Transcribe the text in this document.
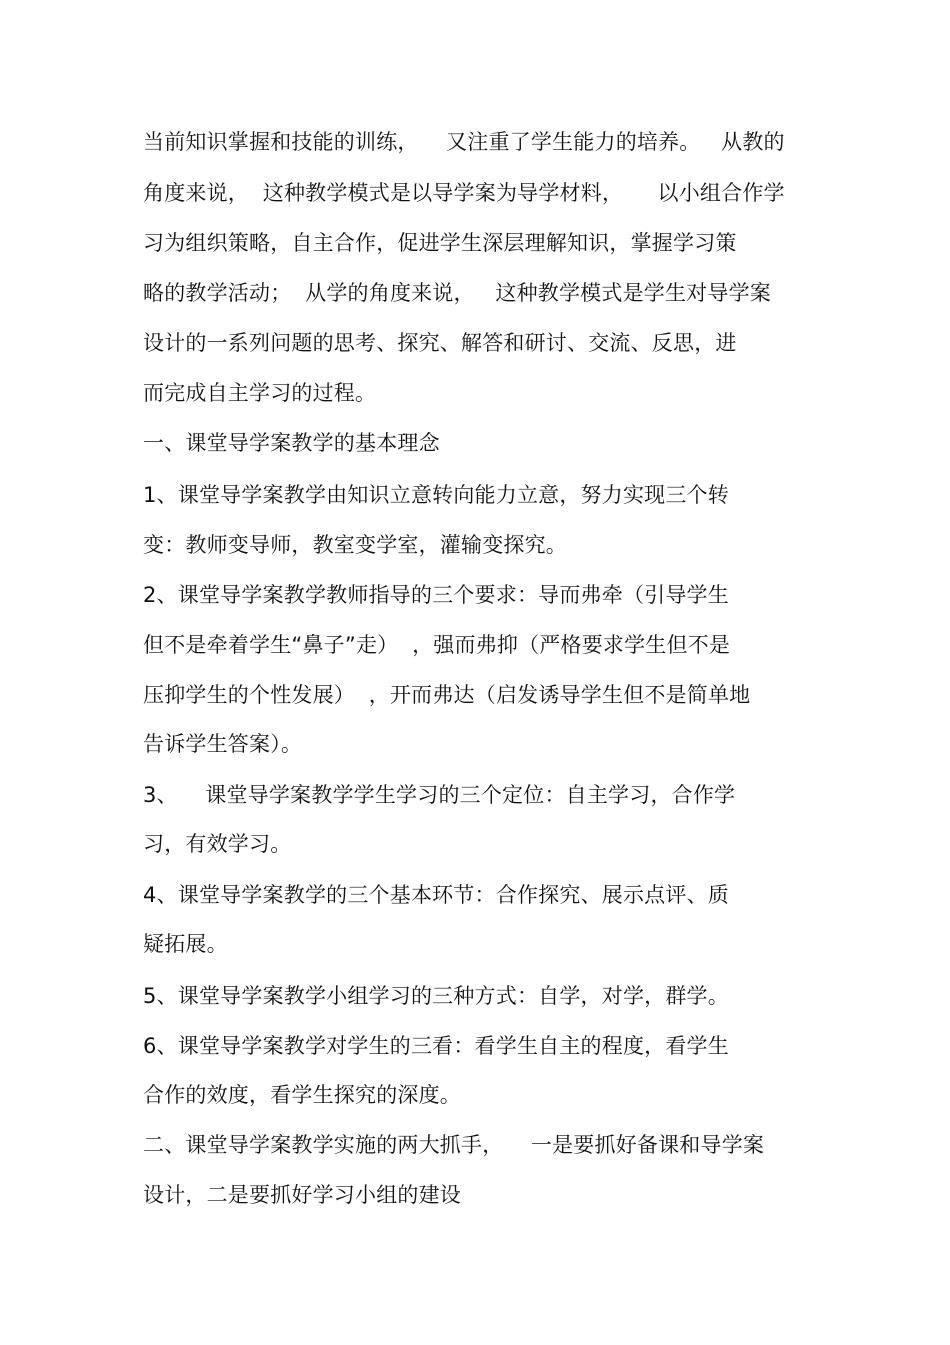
当前知识掌握和技能的训练，    又注重了学生能力的培养。   从教的
角度来说，  这种教学模式是以导学案为导学材料，     以小组合作学
习为组织策略，自主合作，促进学生深层理解知识，掌握学习策
略的教学活动；  从学的角度来说，   这种教学模式是学生对导学案
设计的一系列问题的思考、探究、解答和研讨、交流、反思，进
而完成自主学习的过程。
一、课堂导学案教学的基本理念
1、课堂导学案教学由知识立意转向能力立意，努力实现三个转
变：教师变导师，教室变学室，灌输变探究。
2、课堂导学案教学教师指导的三个要求：导而弗牵（引导学生
但不是牵着学生“鼻子”走）  ，强而弗抑（严格要求学生但不是
压抑学生的个性发展）  ，开而弗达（启发诱导学生但不是简单地
告诉学生答案）。
3、    课堂导学案教学学生学习的三个定位：自主学习，合作学
习，有效学习。
4、课堂导学案教学的三个基本环节：合作探究、展示点评、质
疑拓展。
5、课堂导学案教学小组学习的三种方式：自学，对学，群学。
6、课堂导学案教学对学生的三看：看学生自主的程度，看学生
合作的效度，看学生探究的深度。
二、课堂导学案教学实施的两大抓手，    一是要抓好备课和导学案
设计，二是要抓好学习小组的建设
